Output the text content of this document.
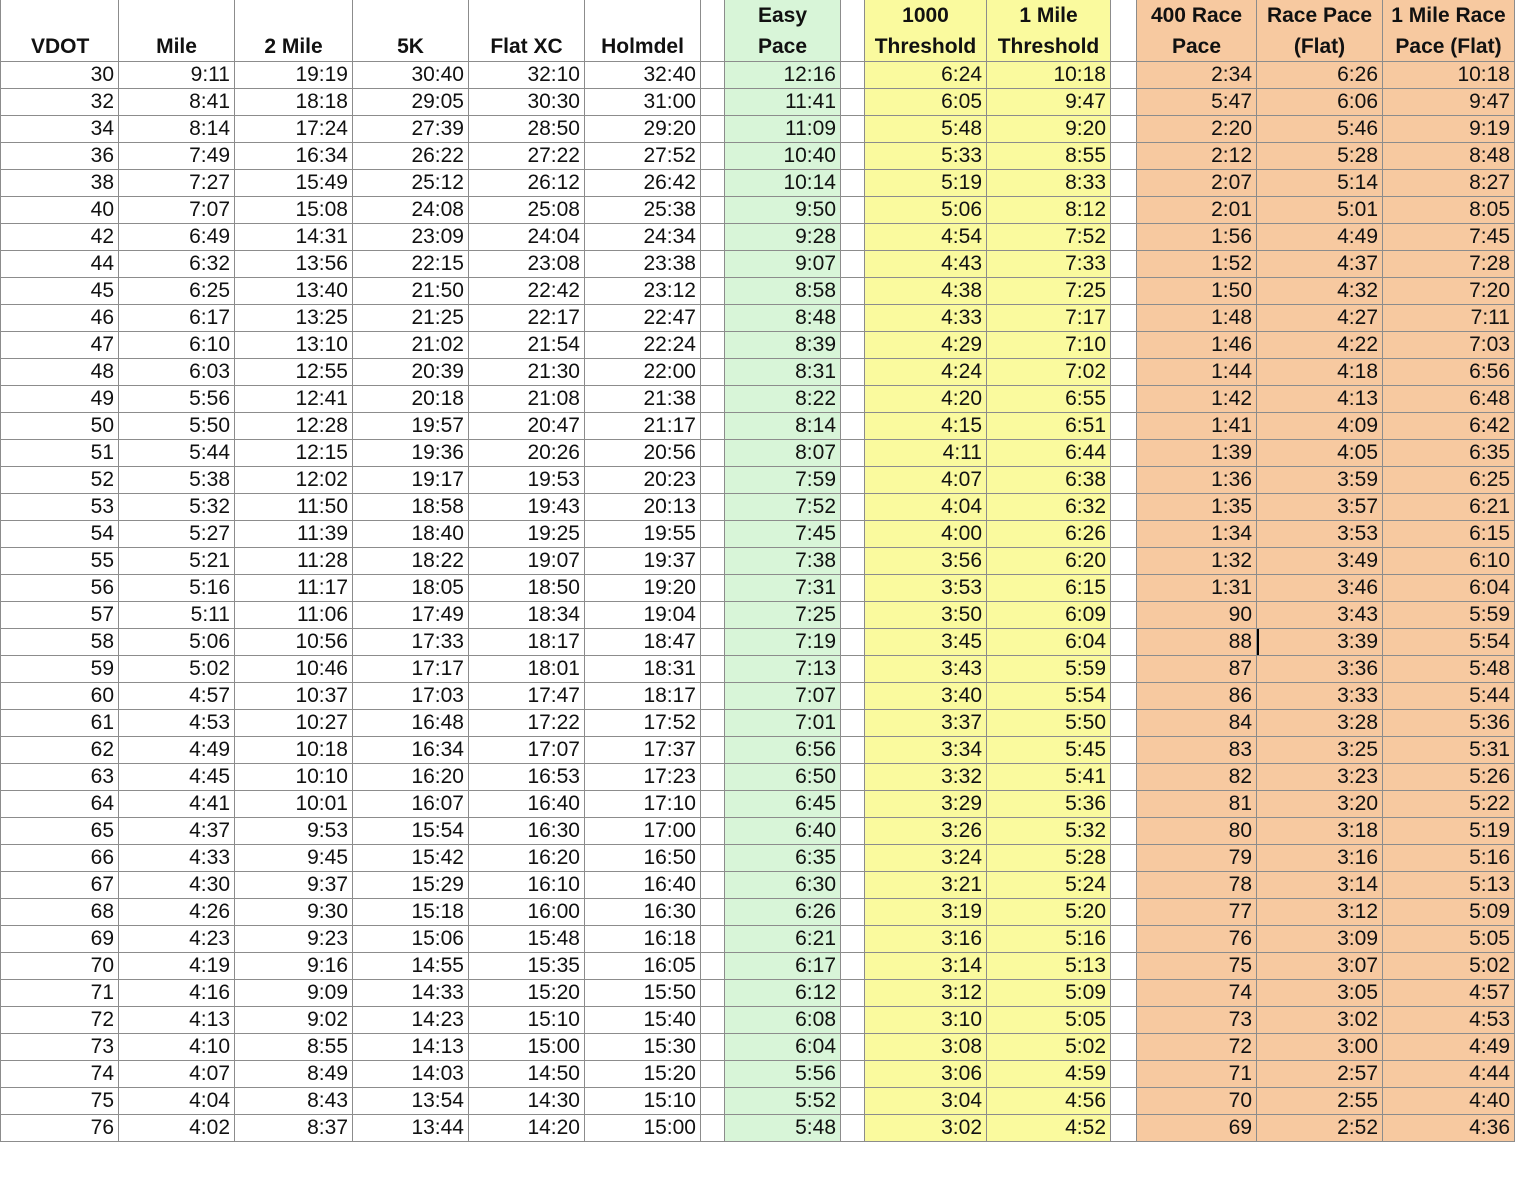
							Easy		1000	1 Mile		400 Race	Race Pace	1 Mile Race
VDOT	Mile	2 Mile	5K	Flat XC	Holmdel		Pace		Threshold	Threshold		Pace	(Flat)	Pace (Flat)
30	9:11	19:19	30:40	32:10	32:40		12:16		6:24	10:18		2:34	6:26	10:18
32	8:41	18:18	29:05	30:30	31:00		11:41		6:05	9:47		5:47	6:06	9:47
34	8:14	17:24	27:39	28:50	29:20		11:09		5:48	9:20		2:20	5:46	9:19
36	7:49	16:34	26:22	27:22	27:52		10:40		5:33	8:55		2:12	5:28	8:48
38	7:27	15:49	25:12	26:12	26:42		10:14		5:19	8:33		2:07	5:14	8:27
40	7:07	15:08	24:08	25:08	25:38		9:50		5:06	8:12		2:01	5:01	8:05
42	6:49	14:31	23:09	24:04	24:34		9:28		4:54	7:52		1:56	4:49	7:45
44	6:32	13:56	22:15	23:08	23:38		9:07		4:43	7:33		1:52	4:37	7:28
45	6:25	13:40	21:50	22:42	23:12		8:58		4:38	7:25		1:50	4:32	7:20
46	6:17	13:25	21:25	22:17	22:47		8:48		4:33	7:17		1:48	4:27	7:11
47	6:10	13:10	21:02	21:54	22:24		8:39		4:29	7:10		1:46	4:22	7:03
48	6:03	12:55	20:39	21:30	22:00		8:31		4:24	7:02		1:44	4:18	6:56
49	5:56	12:41	20:18	21:08	21:38		8:22		4:20	6:55		1:42	4:13	6:48
50	5:50	12:28	19:57	20:47	21:17		8:14		4:15	6:51		1:41	4:09	6:42
51	5:44	12:15	19:36	20:26	20:56		8:07		4:11	6:44		1:39	4:05	6:35
52	5:38	12:02	19:17	19:53	20:23		7:59		4:07	6:38		1:36	3:59	6:25
53	5:32	11:50	18:58	19:43	20:13		7:52		4:04	6:32		1:35	3:57	6:21
54	5:27	11:39	18:40	19:25	19:55		7:45		4:00	6:26		1:34	3:53	6:15
55	5:21	11:28	18:22	19:07	19:37		7:38		3:56	6:20		1:32	3:49	6:10
56	5:16	11:17	18:05	18:50	19:20		7:31		3:53	6:15		1:31	3:46	6:04
57	5:11	11:06	17:49	18:34	19:04		7:25		3:50	6:09		90	3:43	5:59
58	5:06	10:56	17:33	18:17	18:47		7:19		3:45	6:04		88	3:39	5:54
59	5:02	10:46	17:17	18:01	18:31		7:13		3:43	5:59		87	3:36	5:48
60	4:57	10:37	17:03	17:47	18:17		7:07		3:40	5:54		86	3:33	5:44
61	4:53	10:27	16:48	17:22	17:52		7:01		3:37	5:50		84	3:28	5:36
62	4:49	10:18	16:34	17:07	17:37		6:56		3:34	5:45		83	3:25	5:31
63	4:45	10:10	16:20	16:53	17:23		6:50		3:32	5:41		82	3:23	5:26
64	4:41	10:01	16:07	16:40	17:10		6:45		3:29	5:36		81	3:20	5:22
65	4:37	9:53	15:54	16:30	17:00		6:40		3:26	5:32		80	3:18	5:19
66	4:33	9:45	15:42	16:20	16:50		6:35		3:24	5:28		79	3:16	5:16
67	4:30	9:37	15:29	16:10	16:40		6:30		3:21	5:24		78	3:14	5:13
68	4:26	9:30	15:18	16:00	16:30		6:26		3:19	5:20		77	3:12	5:09
69	4:23	9:23	15:06	15:48	16:18		6:21		3:16	5:16		76	3:09	5:05
70	4:19	9:16	14:55	15:35	16:05		6:17		3:14	5:13		75	3:07	5:02
71	4:16	9:09	14:33	15:20	15:50		6:12		3:12	5:09		74	3:05	4:57
72	4:13	9:02	14:23	15:10	15:40		6:08		3:10	5:05		73	3:02	4:53
73	4:10	8:55	14:13	15:00	15:30		6:04		3:08	5:02		72	3:00	4:49
74	4:07	8:49	14:03	14:50	15:20		5:56		3:06	4:59		71	2:57	4:44
75	4:04	8:43	13:54	14:30	15:10		5:52		3:04	4:56		70	2:55	4:40
76	4:02	8:37	13:44	14:20	15:00		5:48		3:02	4:52		69	2:52	4:36
